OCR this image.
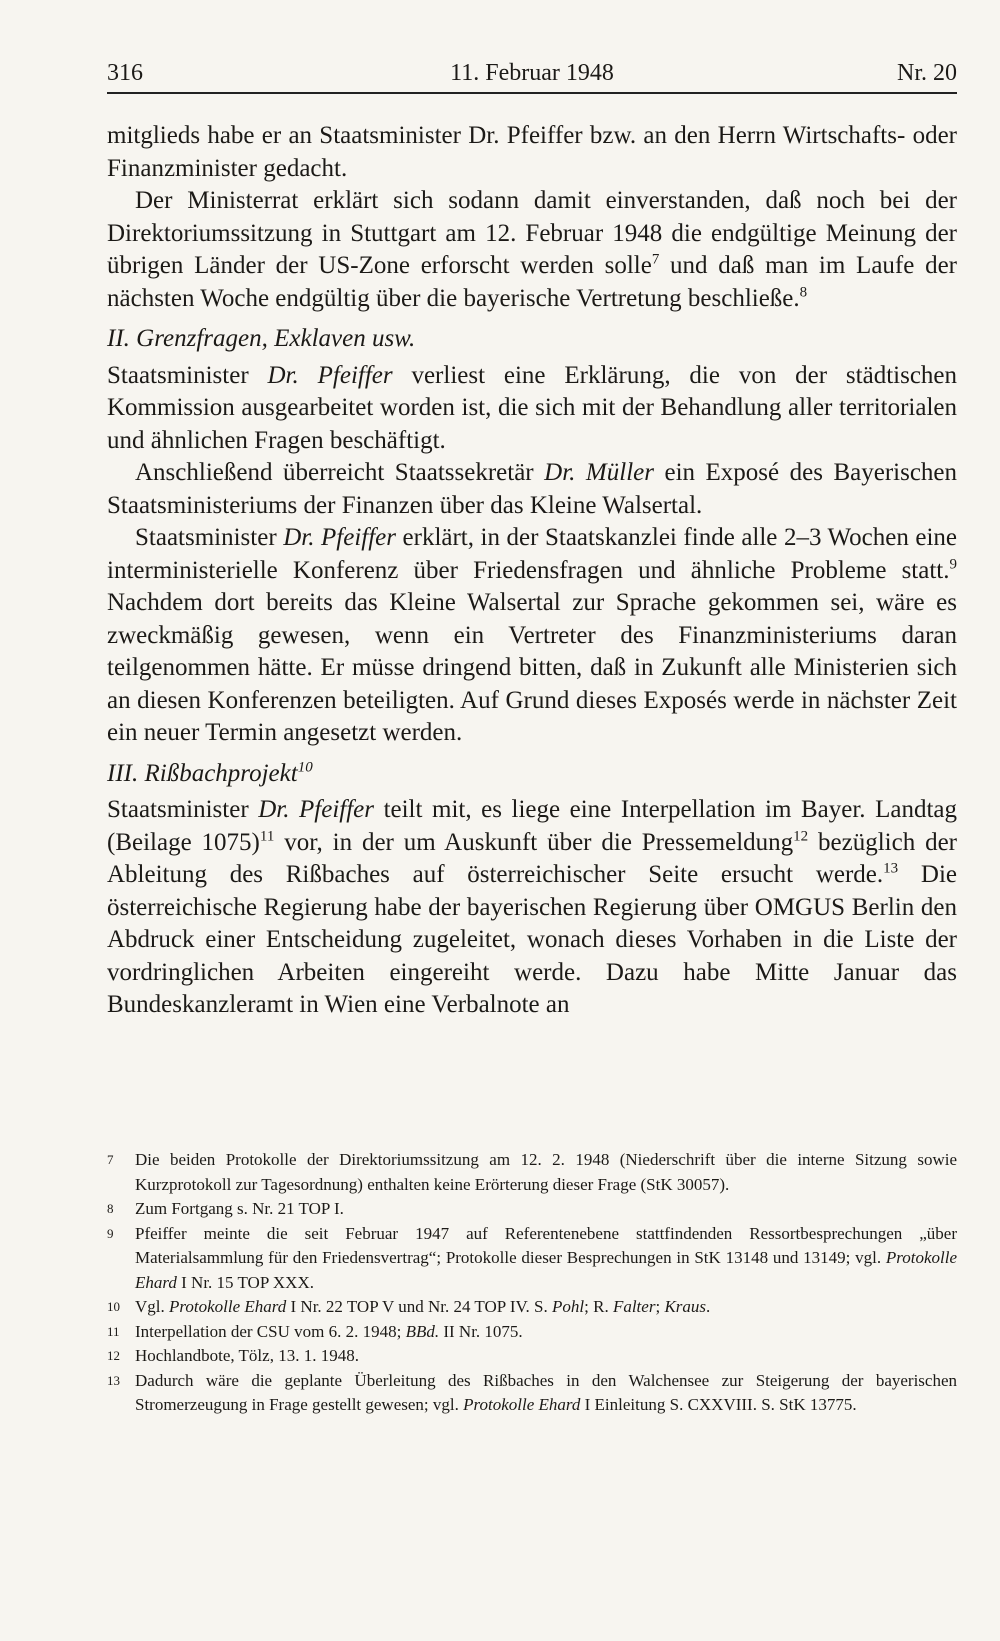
11. Februar 1948
316	Nr. 20

mitglieds habe er an Staatsminister Dr. Pfeiffer bzw. an den Herrn Wirtschafts- oder Finanzminister gedacht.

Der Ministerrat erklärt sich sodann damit einverstanden, daß noch bei der Direktoriumssitzung in Stuttgart am 12. Februar 1948 die endgültige Meinung der übrigen Länder der US-Zone erforscht werden solle$^7$ und daß man im Laufe der nächsten Woche endgültig über die bayerische Vertretung beschließe.$^8$

II. Grenzfragen, Exklaven usw.

Staatsminister Dr. Pfeiffer verliest eine Erklärung, die von der städtischen Kommission ausgearbeitet worden ist, die sich mit der Behandlung aller territorialen und ähnlichen Fragen beschäftigt.

Anschließend überreicht Staatssekretär Dr. Müller ein Exposé des Bayerischen Staatsministeriums der Finanzen über das Kleine Walsertal.

Staatsminister Dr. Pfeiffer erklärt, in der Staatskanzlei finde alle 2–3 Wochen eine interministerielle Konferenz über Friedensfragen und ähnliche Probleme statt.$^9$ Nachdem dort bereits das Kleine Walsertal zur Sprache gekommen sei, wäre es zweckmäßig gewesen, wenn ein Vertreter des Finanzministeriums daran teilgenommen hätte. Er müsse dringend bitten, daß in Zukunft alle Ministerien sich an diesen Konferenzen beteiligten. Auf Grund dieses Exposés werde in nächster Zeit ein neuer Termin angesetzt werden.

III. Rißbachprojekt$^{10}$

Staatsminister Dr. Pfeiffer teilt mit, es liege eine Interpellation im Bayer. Landtag (Beilage 1075)$^{11}$ vor, in der um Auskunft über die Pressemeldung$^{12}$ bezüglich der Ableitung des Rißbaches auf österreichischer Seite ersucht werde.$^{13}$ Die österreichische Regierung habe der bayerischen Regierung über OMGUS Berlin den Abdruck einer Entscheidung zugeleitet, wonach dieses Vorhaben in die Liste der vordringlichen Arbeiten eingereiht werde. Dazu habe Mitte Januar das Bundeskanzleramt in Wien eine Verbalnote an

7	Die beiden Protokolle der Direktoriumssitzung am 12. 2. 1948 (Niederschrift über die interne Sitzung sowie Kurzprotokoll zur Tagesordnung) enthalten keine Erörterung dieser Frage (StK 30057).
8	Zum Fortgang s. Nr. 21 TOP I.
9	Pfeiffer meinte die seit Februar 1947 auf Referentenebene stattfindenden Ressortbesprechungen „über Materialsammlung für den Friedensvertrag“; Protokolle dieser Besprechungen in StK 13148 und 13149; vgl. Protokolle Ehard I Nr. 15 TOP XXX.
10 Vgl. Protokolle Ehard I Nr. 22 TOP V und Nr. 24 TOP IV. S. Pohl; R. Falter; Kraus.
11 Interpellation der CSU vom 6. 2. 1948; BBd. II Nr. 1075.
12 Hochlandbote, Tölz, 13. 1. 1948.
13 Dadurch wäre die geplante Überleitung des Rißbaches in den Walchensee zur Steigerung der bayerischen Stromerzeugung in Frage gestellt gewesen; vgl. Protokolle Ehard I Einleitung S. CXXVIII. S. StK 13775.
